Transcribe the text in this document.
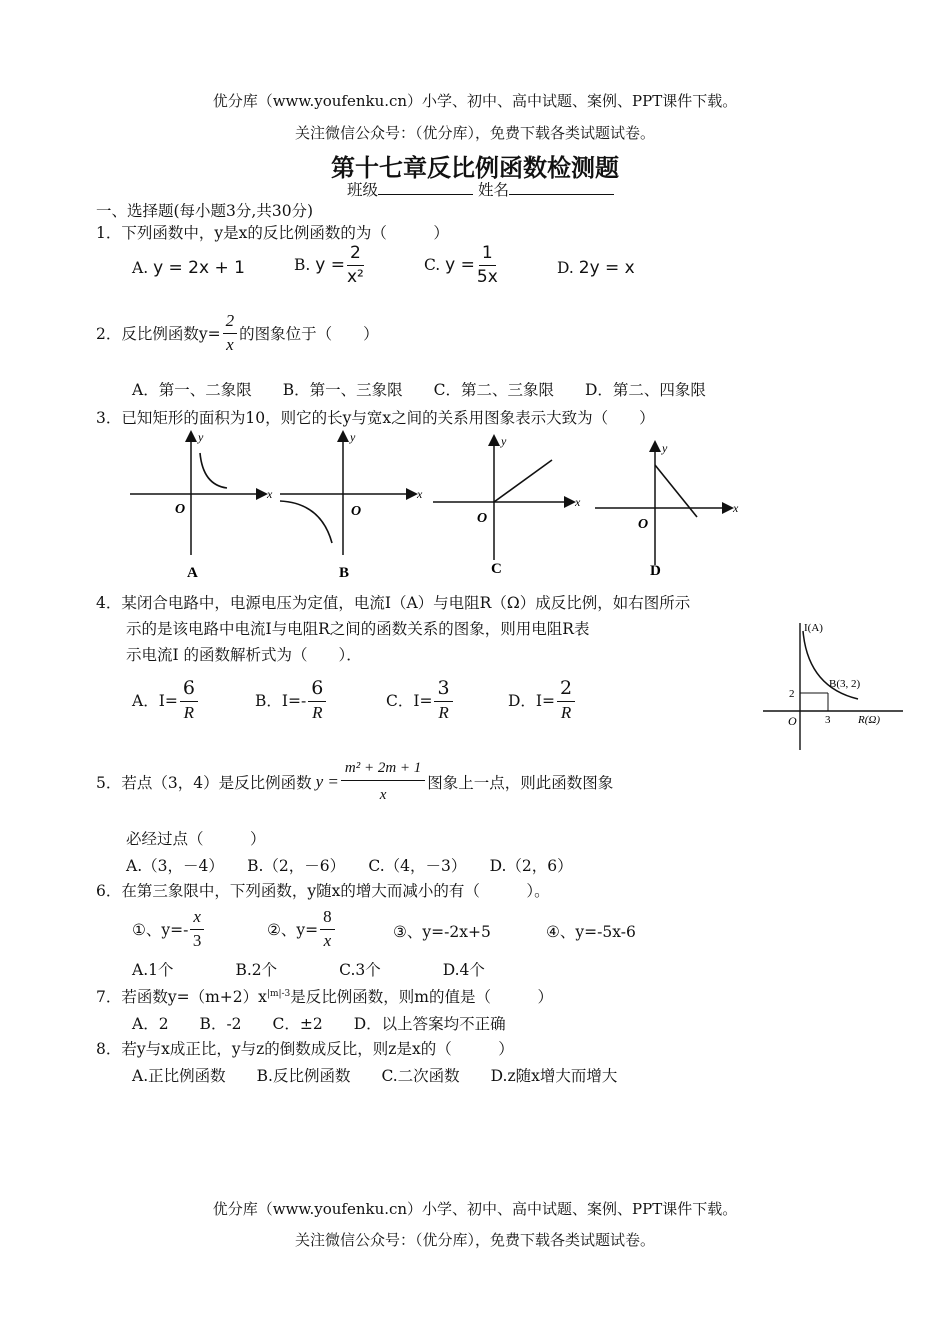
优分库（www.youfenku.cn）小学、初中、高中试题、案例、PPT课件下载。
关注微信公众号：（优分库），免费下载各类试题试卷。
第十七章反比例函数检测题
班级	姓名
一、选择题(每小题3分,共30分)
1．下列函数中，y是x的反比例函数的为（　　　）
A. y = 2x + 1	B.
$y = \frac{2}{\text{x²}}$	C.
$y = \frac{1}{5x}$	D. 2y = x
2．反比例函数$y= \frac{2}{x}$ 的图象位于（　　）
A．第一、二象限　　B．第一、三象限　　C．第二、三象限　　D．第二、四象限
3．已知矩形的面积为10，则它的长y与宽x之间的关系用图象表示大致为（　　）
y
x
O
A
y
x
O
B
y
x
O
C
y
x
O
D
4．某闭合电路中，电源电压为定值，电流I（A）与电阻R（Ω）成反比例，如右图所示
示的是该电路中电流I与电阻R之间的函数关系的图象，则用电阻R表
示电流I 的函数解析式为（　　）．
A．$I= \frac{6}{R}$	B．$I=- \frac{6}{R}$	C．$I= \frac{3}{R}$	D．$I= \frac{2}{R}$
I(A)
R(Ω)
B(3, 2)
2
3
O
5．若点（3，4）是反比例函数 $y = \frac{\text{m² + 2m + 1}}{x}$ 图象上一点，则此函数图象
必经过点（　　　）
A.（3，－4）　　B.（2，－6）　　C.（4，－3）　　D.（2，6）
6．在第三象限中，下列函数，y随x的增大而减小的有（　　　）。
①、$y=- \frac{x}{3}$	②、$y= \frac{8}{x}$	③、y=-2x+5	④、y=-5x-6
A.1个　　　　B.2个　　　　C.3个　　　　D.4个
7．若函数$y=(m+2)x^{|m|-3}$是反比例函数，则m的值是（　　　）
A．2　　B．-2　　C．±2　　D．以上答案均不正确
8．若y与x成正比，y与z的倒数成反比，则z是x的（　　　）
A.正比例函数　　B.反比例函数　　C.二次函数　　D.z随x增大而增大
优分库（www.youfenku.cn）小学、初中、高中试题、案例、PPT课件下载。
关注微信公众号：（优分库），免费下载各类试题试卷。
